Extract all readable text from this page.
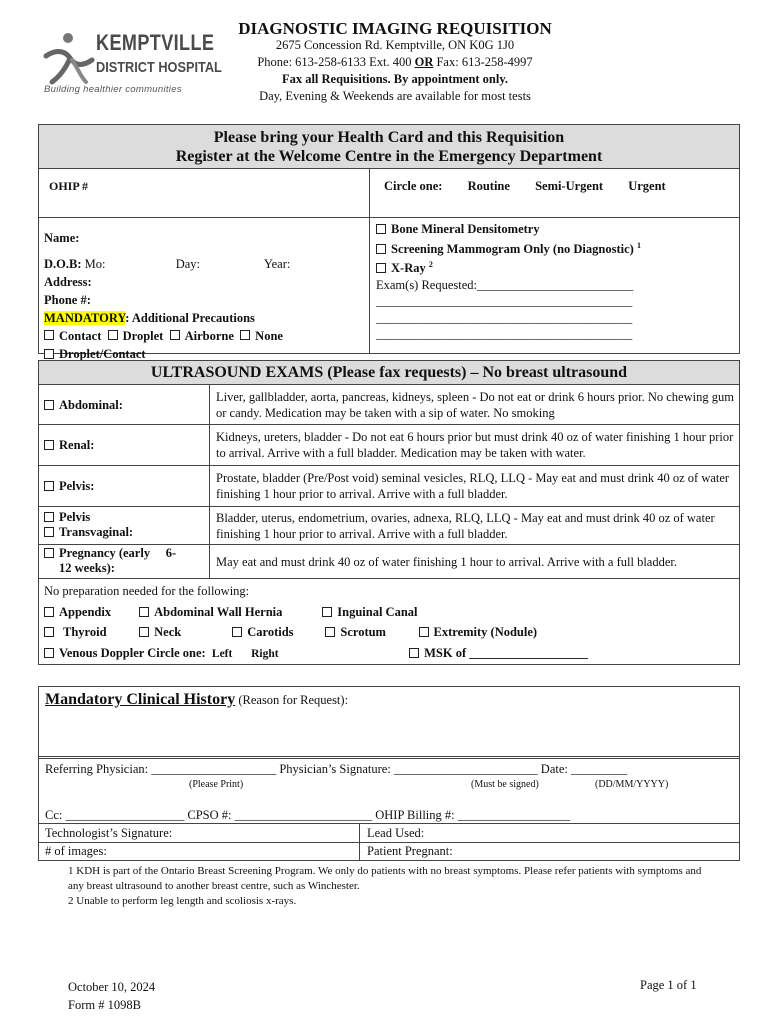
KEMPTVILLE
DISTRICT HOSPITAL
Building healthier communities
DIAGNOSTIC IMAGING REQUISITION
2675 Concession Rd. Kemptville, ON K0G 1J0
Phone: 613-258-6133 Ext. 400 OR Fax: 613-258-4997
Fax all Requisitions. By appointment only.
Day, Evening & Weekends are available for most tests
Please bring your Health Card and this Requisition
Register at the Welcome Centre in the Emergency Department
OHIP #	Circle one: Routine Semi-Urgent Urgent
Name:
D.O.B: Mo:	Day:	Year:
Address:
Phone #:
MANDATORY: Additional Precautions
Contact
Droplet
Airborne
None
Droplet/Contact
Bone Mineral Densitometry
Screening Mammogram Only (no Diagnostic) $^1$
X-Ray $^2$
Exam(s) Requested:_________________________
_________________________________________
_________________________________________
_________________________________________
ULTRASOUND EXAMS (Please fax requests) – No breast ultrasound
Abdominal:
Liver, gallbladder, aorta, pancreas, kidneys, spleen - Do not eat or drink 6 hours prior. No chewing gum or candy. Medication may be taken with a sip of water. No smoking
Renal:
Kidneys, ureters, bladder - Do not eat 6 hours prior but must drink 40 oz of water finishing 1 hour prior to arrival. Arrive with a full bladder. Medication may be taken with water.
Pelvis:
Prostate, bladder (Pre/Post void) seminal vesicles, RLQ, LLQ - May eat and must drink 40 oz of water finishing 1 hour prior to arrival. Arrive with a full bladder.
Pelvis
Transvaginal:
Bladder, uterus, endometrium, ovaries, adnexa, RLQ, LLQ - May eat and must drink 40 oz of water finishing 1 hour prior to arrival. Arrive with a full bladder.
Pregnancy (early     6-
12 weeks):	May eat and must drink 40 oz of water finishing 1 hour to arrival. Arrive with a full bladder.
No preparation needed for the following:
Appendix	Abdominal Wall Hernia	Inguinal Canal
Thyroid	Neck	Carotids	Scrotum	Extremity (Nodule)
Venous Doppler Circle one: Left Right	MSK of ___________________
Mandatory Clinical History (Reason for Request):
Referring Physician: ____________________ Physician’s Signature: _______________________ Date: _________
(Please Print)	(Must be signed)	(DD/MM/YYYY)
Cc: ___________________ CPSO #: ______________________ OHIP Billing #: __________________
Technologist’s Signature:	Lead Used:
# of images:	Patient Pregnant:
1 KDH is part of the Ontario Breast Screening Program. We only do patients with no breast symptoms. Please refer patients with symptoms and any breast ultrasound to another breast centre, such as Winchester.
2 Unable to perform leg length and scoliosis x-rays.
October 10, 2024
Form # 1098B
Page 1 of 1
